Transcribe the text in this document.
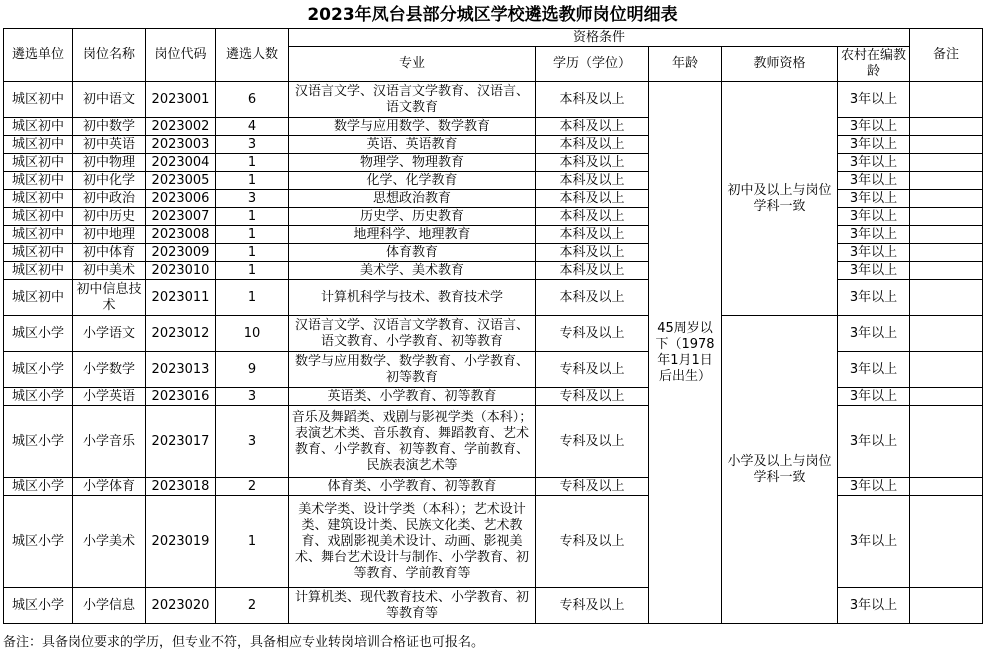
2023年凤台县部分城区学校遴选教师岗位明细表
遴选单位	岗位名称	岗位代码	遴选人数	资格条件					备注
				专业	学历（学位）	年龄	教师资格	农村在编教龄	
城区初中	初中语文	2023001	6	汉语言文学、汉语言文学教育、汉语言、语文教育	本科及以上	45周岁以下（1978年1月1日后出生）	初中及以上与岗位学科一致	3年以上	
城区初中	初中数学	2023002	4	数学与应用数学、数学教育	本科及以上			3年以上	
城区初中	初中英语	2023003	3	英语、英语教育	本科及以上			3年以上	
城区初中	初中物理	2023004	1	物理学、物理教育	本科及以上			3年以上	
城区初中	初中化学	2023005	1	化学、化学教育	本科及以上			3年以上	
城区初中	初中政治	2023006	3	思想政治教育	本科及以上			3年以上	
城区初中	初中历史	2023007	1	历史学、历史教育	本科及以上			3年以上	
城区初中	初中地理	2023008	1	地理科学、地理教育	本科及以上			3年以上	
城区初中	初中体育	2023009	1	体育教育	本科及以上			3年以上	
城区初中	初中美术	2023010	1	美术学、美术教育	本科及以上			3年以上	
城区初中	初中信息技术	2023011	1	计算机科学与技术、教育技术学	本科及以上			3年以上	
城区小学	小学语文	2023012	10	汉语言文学、汉语言文学教育、汉语言、语文教育、小学教育、初等教育	专科及以上		小学及以上与岗位学科一致	3年以上	
城区小学	小学数学	2023013	9	数学与应用数学、数学教育、小学教育、初等教育	专科及以上			3年以上	
城区小学	小学英语	2023016	3	英语类、小学教育、初等教育	专科及以上			3年以上	
城区小学	小学音乐	2023017	3	音乐及舞蹈类、戏剧与影视学类（本科）；表演艺术类、音乐教育、舞蹈教育、艺术教育、小学教育、初等教育、学前教育、民族表演艺术等	专科及以上			3年以上	
城区小学	小学体育	2023018	2	体育类、小学教育、初等教育	专科及以上			3年以上	
城区小学	小学美术	2023019	1	美术学类、设计学类（本科）；艺术设计类、建筑设计类、民族文化类、艺术教育、戏剧影视美术设计、动画、影视美术、舞台艺术设计与制作、小学教育、初等教育、学前教育等	专科及以上			3年以上	
城区小学	小学信息	2023020	2	计算机类、现代教育技术、小学教育、初等教育等	专科及以上			3年以上	
备注：具备岗位要求的学历，但专业不符，具备相应专业转岗培训合格证也可报名。
